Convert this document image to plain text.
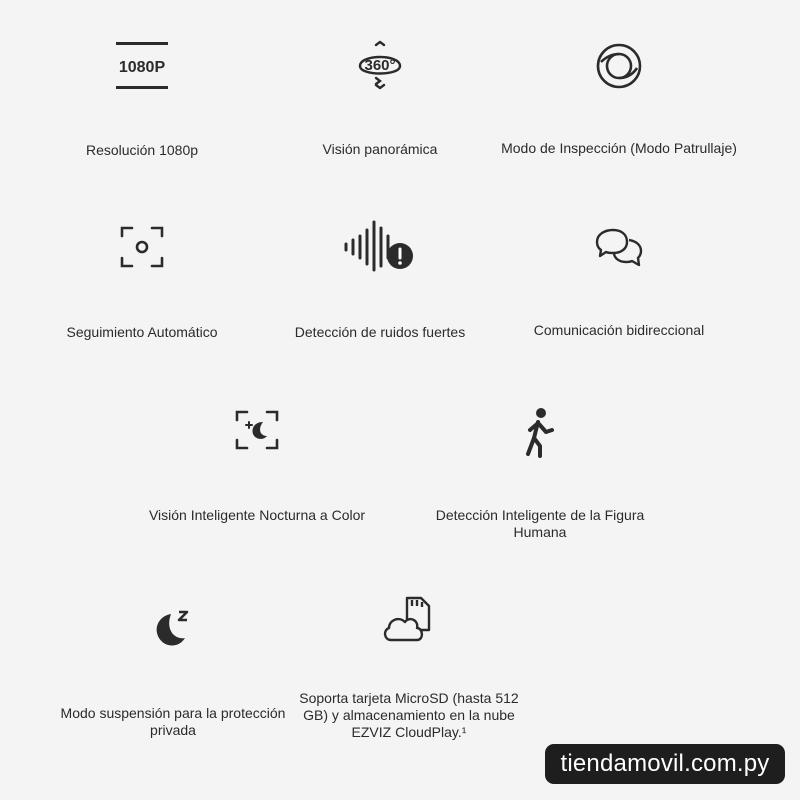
1080P
Resolución 1080p
360°
Visión panorámica	Modo de Inspección (Modo Patrullaje)
Seguimiento Automático	Detección de ruidos fuertes	Comunicación bidireccional
Visión Inteligente Nocturna a Color	Detección Inteligente de la Figura Humana
Modo suspensión para la protección privada
Soporta tarjeta MicroSD (hasta 512 GB) y almacenamiento en la nube EZVIZ CloudPlay.¹
tiendamovil.com.py
